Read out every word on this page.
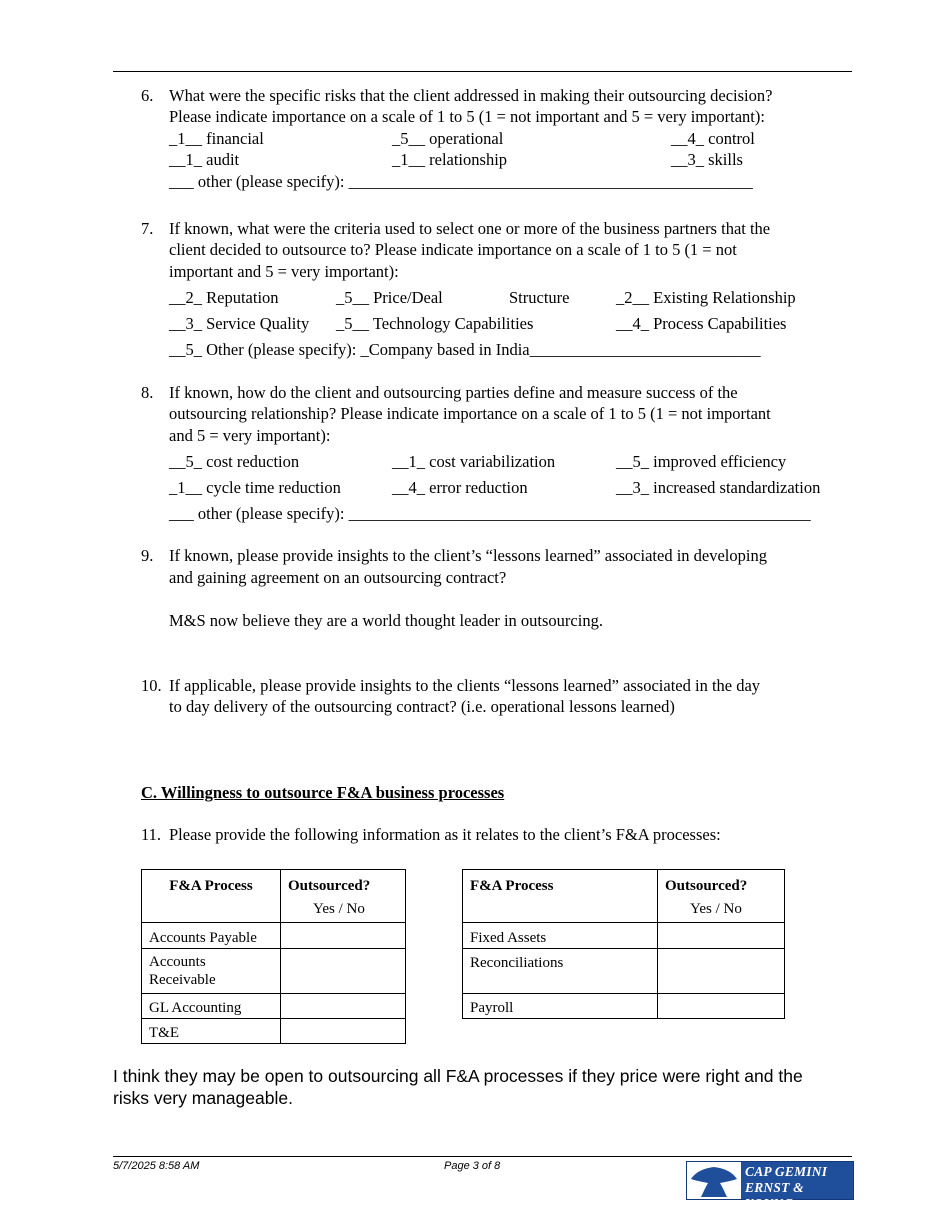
6. What were the specific risks that the client addressed in making their outsourcing decision?
Please indicate importance on a scale of 1 to 5 (1 = not important and 5 = very important):
_1__ financial	_5__ operational	__4_ control
__1_ audit	_1__ relationship	__3_ skills
___ other (please specify): _________________________________________________
7. If known, what were the criteria used to select one or more of the business partners that the
client decided to outsource to? Please indicate importance on a scale of 1 to 5 (1 = not
important and 5 = very important):
__2_ Reputation	_5__ Price/Deal	Structure	_2__ Existing Relationship
__3_ Service Quality _5__ Technology Capabilities	__4_ Process Capabilities
__5_ Other (please specify): _Company based in India____________________________
8. If known, how do the client and outsourcing parties define and measure success of the
outsourcing relationship? Please indicate importance on a scale of 1 to 5 (1 = not important
and 5 = very important):
__5_ cost reduction	__1_ cost variabilization	__5_ improved efficiency
_1__ cycle time reduction	__4_ error reduction	__3_ increased standardization
___ other (please specify): ________________________________________________________
9. If known, please provide insights to the client’s “lessons learned” associated in developing
and gaining agreement on an outsourcing contract?
M&S now believe they are a world thought leader in outsourcing.
10. If applicable, please provide insights to the clients “lessons learned” associated in the day
to day delivery of the outsourcing contract? (i.e. operational lessons learned)
C. Willingness to outsource F&A business processes
11. Please provide the following information as it relates to the client’s F&A processes:
F&A Process	Outsourced?
Yes / No

Accounts Payable	

Accounts
Receivable	

GL Accounting	
T&E	
F&A Process	Outsourced?
Yes / No

Fixed Assets	
Reconciliations	
Payroll	
I think they may be open to outsourcing all F&A processes if they price were right and the
risks very manageable.
5/7/2025 8:58 AM	Page 3 of 8	CAP GEMINI
ERNST & YOUNG
